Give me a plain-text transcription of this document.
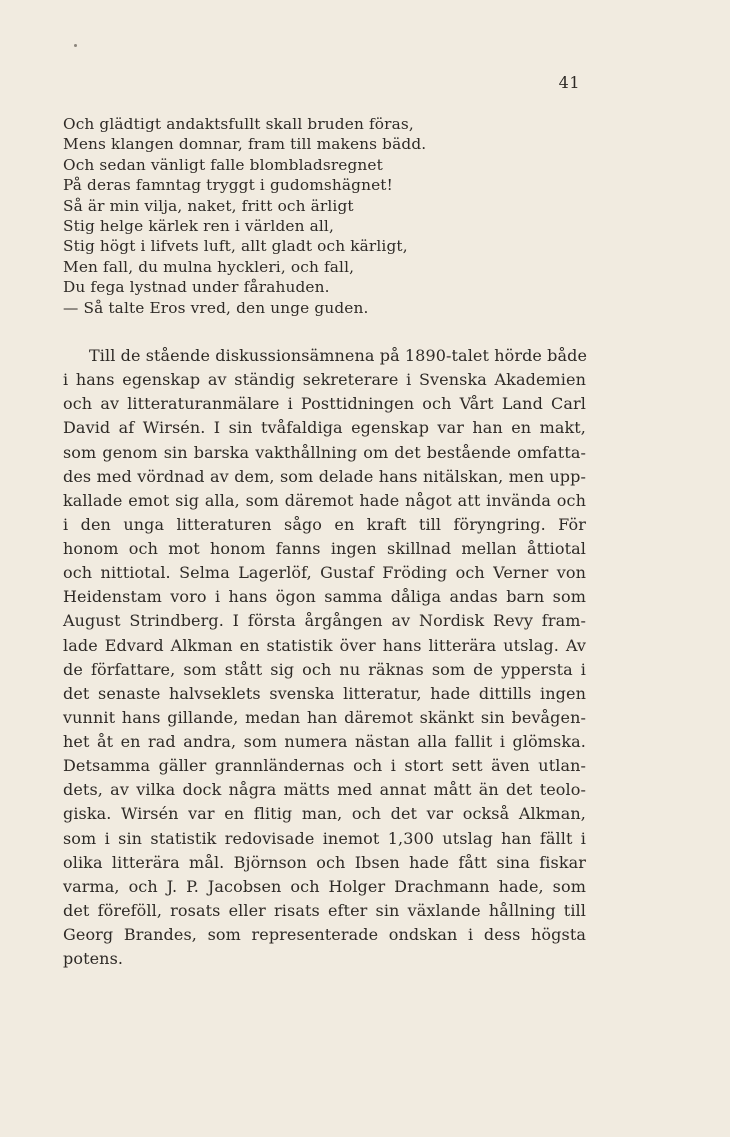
41
Och glädtigt andaktsfullt skall bruden föras,
Mens klangen domnar, fram till makens bädd.
Och sedan vänligt falle blombladsregnet
På deras famntag tryggt i gudomshägnet!
Så är min vilja, naket, fritt och ärligt
Stig helge kärlek ren i världen all,
Stig högt i lifvets luft, allt gladt och kärligt,
Men fall, du mulna hyckleri, och fall,
Du fega lystnad under fårahuden.
— Så talte Eros vred, den unge guden.
Till de stående diskussionsämnena på 1890-talet hörde både
i hans egenskap av ständig sekreterare i Svenska Akademien
och av litteraturanmälare i Posttidningen och Vårt Land Carl
David af Wirsén. I sin tvåfaldiga egenskap var han en makt,
som genom sin barska vakthållning om det bestående omfatta-
des med vördnad av dem, som delade hans nitälskan, men upp-
kallade emot sig alla, som däremot hade något att invända och
i den unga litteraturen sågo en kraft till föryngring. För
honom och mot honom fanns ingen skillnad mellan åttiotal
och nittiotal. Selma Lagerlöf, Gustaf Fröding och Verner von
Heidenstam voro i hans ögon samma dåliga andas barn som
August Strindberg. I första årgången av Nordisk Revy fram-
lade Edvard Alkman en statistik över hans litterära utslag. Av
de författare, som stått sig och nu räknas som de yppersta i
det senaste halvseklets svenska litteratur, hade dittills ingen
vunnit hans gillande, medan han däremot skänkt sin bevågen-
het åt en rad andra, som numera nästan alla fallit i glömska.
Detsamma gäller grannländernas och i stort sett även utlan-
dets, av vilka dock några mätts med annat mått än det teolo-
giska. Wirsén var en flitig man, och det var också Alkman,
som i sin statistik redovisade inemot 1,300 utslag han fällt i
olika litterära mål. Björnson och Ibsen hade fått sina fiskar
varma, och J. P. Jacobsen och Holger Drachmann hade, som
det föreföll, rosats eller risats efter sin växlande hållning till
Georg Brandes, som representerade ondskan i dess högsta
potens.
